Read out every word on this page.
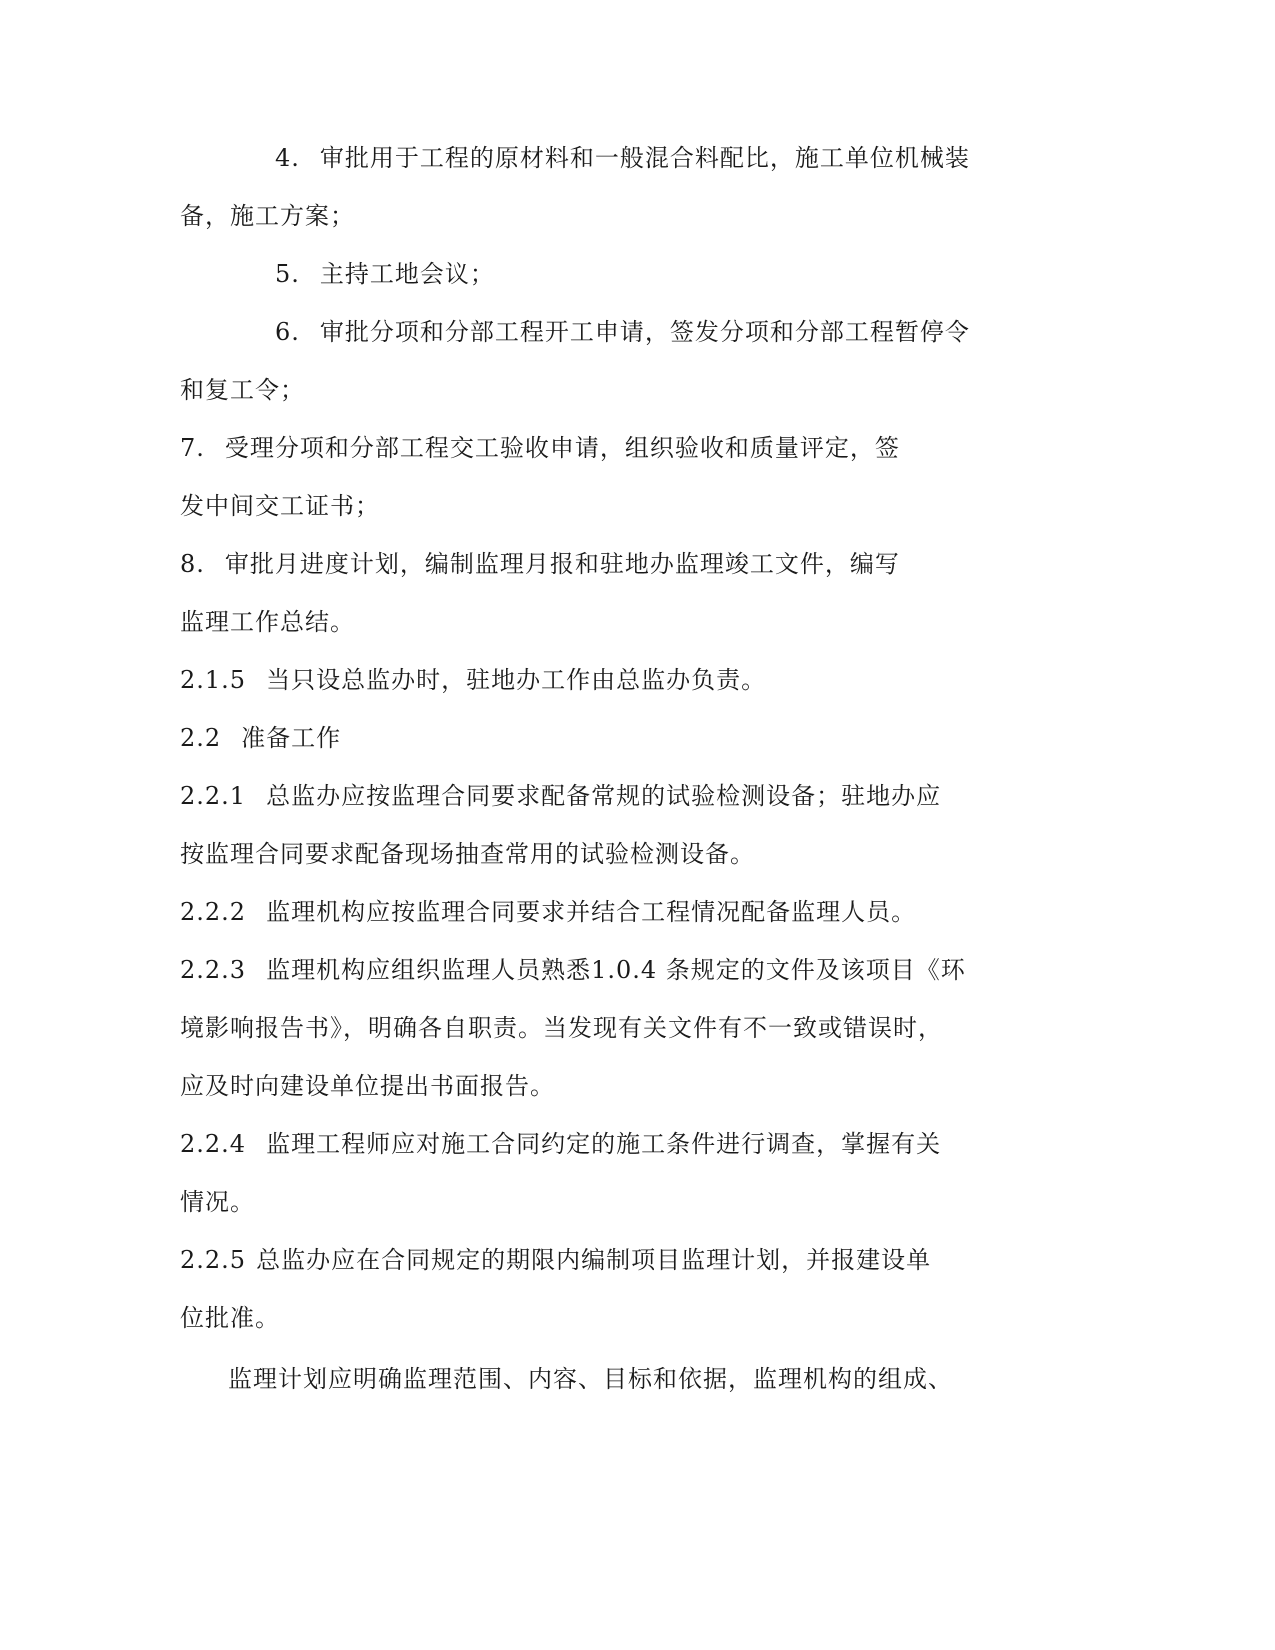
4. 审批用于工程的原材料和一般混合料配比，施工单位机械装
备，施工方案；
5. 主持工地会议；
6. 审批分项和分部工程开工申请，签发分项和分部工程暂停令
和复工令；
7. 受理分项和分部工程交工验收申请，组织验收和质量评定，签
发中间交工证书；
8. 审批月进度计划，编制监理月报和驻地办监理竣工文件，编写
监理工作总结。
2.1.5 当只设总监办时，驻地办工作由总监办负责。
2.2 准备工作
2.2.1 总监办应按监理合同要求配备常规的试验检测设备；驻地办应
按监理合同要求配备现场抽查常用的试验检测设备。
2.2.2 监理机构应按监理合同要求并结合工程情况配备监理人员。
2.2.3 监理机构应组织监理人员熟悉1.0.4 条规定的文件及该项目《环
境影响报告书》，明确各自职责。当发现有关文件有不一致或错误时，
应及时向建设单位提出书面报告。
2.2.4 监理工程师应对施工合同约定的施工条件进行调查，掌握有关
情况。
2.2.5 总监办应在合同规定的期限内编制项目监理计划，并报建设单
位批准。
监理计划应明确监理范围、内容、目标和依据，监理机构的组成、
